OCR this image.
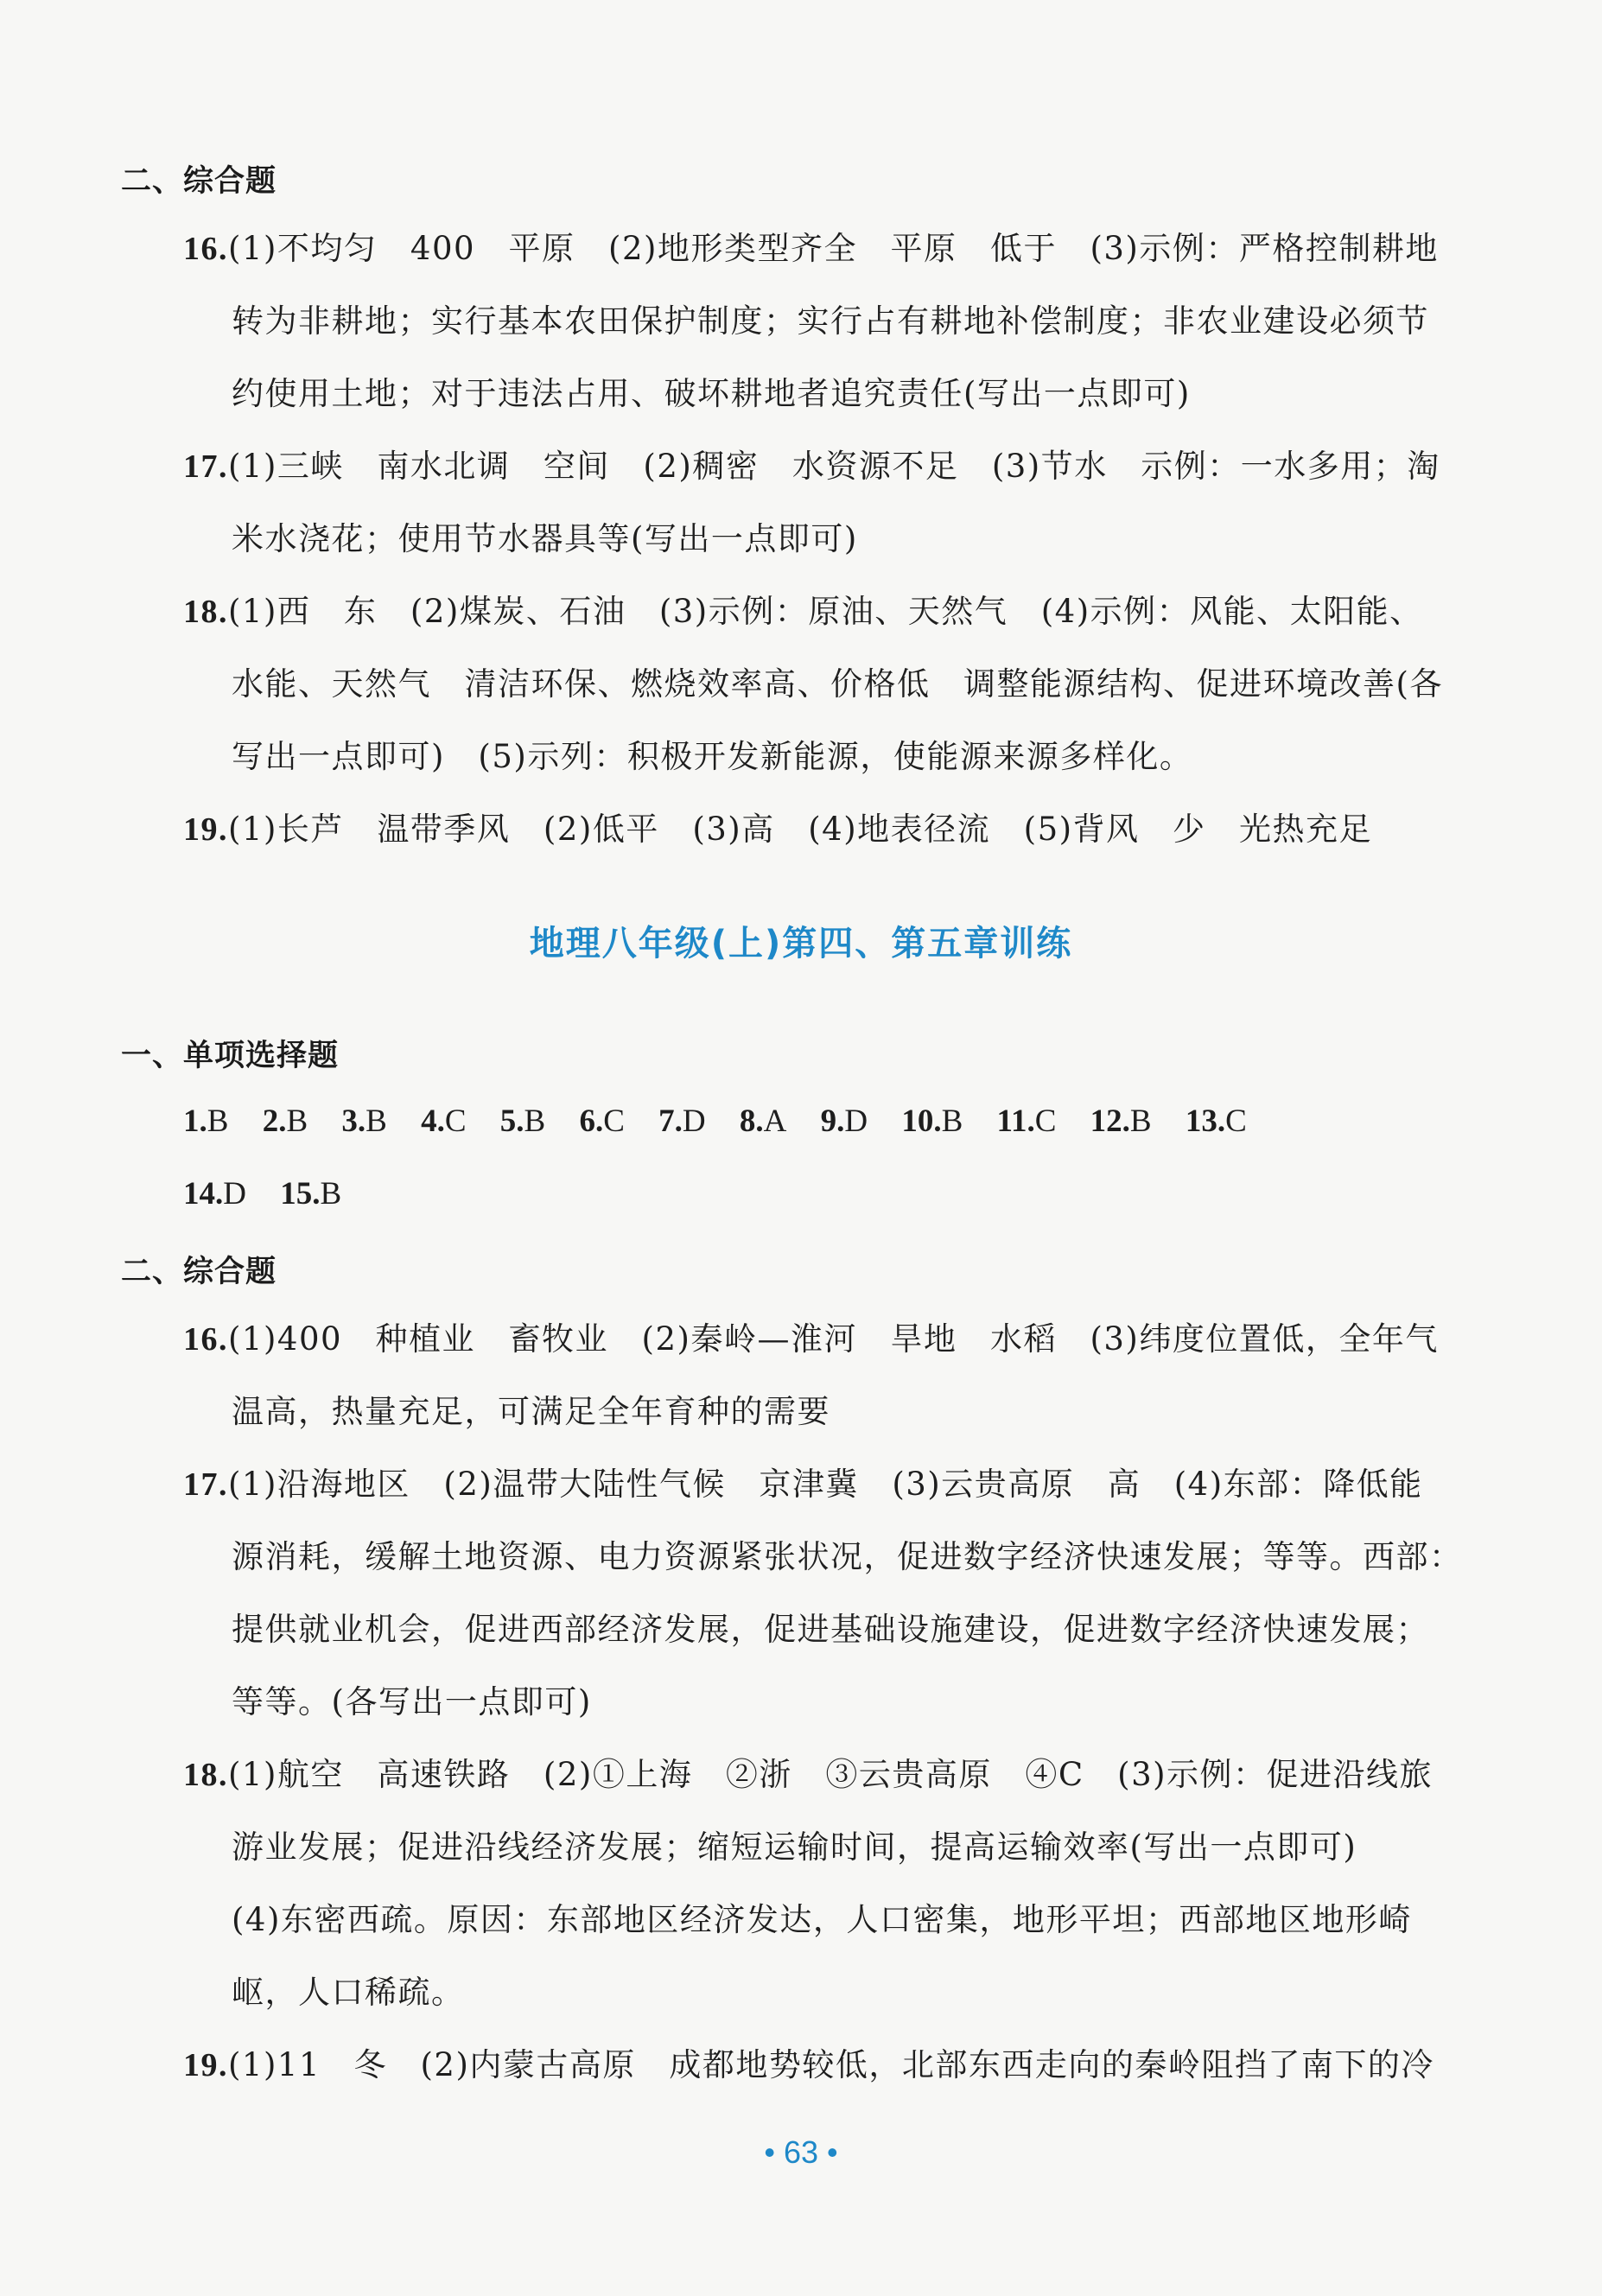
二、综合题
16.(1)不均匀　400　平原　(2)地形类型齐全　平原　低于　(3)示例：严格控制耕地
转为非耕地；实行基本农田保护制度；实行占有耕地补偿制度；非农业建设必须节
约使用土地；对于违法占用、破坏耕地者追究责任(写出一点即可)
17.(1)三峡　南水北调　空间　(2)稠密　水资源不足　(3)节水　示例：一水多用；淘
米水浇花；使用节水器具等(写出一点即可)
18.(1)西　东　(2)煤炭、石油　(3)示例：原油、天然气　(4)示例：风能、太阳能、
水能、天然气　清洁环保、燃烧效率高、价格低　调整能源结构、促进环境改善(各
写出一点即可)　(5)示列：积极开发新能源，使能源来源多样化。
19.(1)长芦　温带季风　(2)低平　(3)高　(4)地表径流　(5)背风　少　光热充足
地理八年级(上)第四、第五章训练
一、单项选择题
1.B 2.B 3.B 4.C 5.B 6.C 7.D 8.A 9.D 10.B 11.C 12.B 13.C
14.D 15.B
二、综合题
16.(1)400　种植业　畜牧业　(2)秦岭—淮河　旱地　水稻　(3)纬度位置低，全年气
温高，热量充足，可满足全年育种的需要
17.(1)沿海地区　(2)温带大陆性气候　京津冀　(3)云贵高原　高　(4)东部：降低能
源消耗，缓解土地资源、电力资源紧张状况，促进数字经济快速发展；等等。西部：
提供就业机会，促进西部经济发展，促进基础设施建设，促进数字经济快速发展；
等等。(各写出一点即可)
18.(1)航空　高速铁路　(2)①上海　②浙　③云贵高原　④C　(3)示例：促进沿线旅
游业发展；促进沿线经济发展；缩短运输时间，提高运输效率(写出一点即可)
(4)东密西疏。原因：东部地区经济发达，人口密集，地形平坦；西部地区地形崎
岖，人口稀疏。
19.(1)11　冬　(2)内蒙古高原　成都地势较低，北部东西走向的秦岭阻挡了南下的冷
• 63 •
